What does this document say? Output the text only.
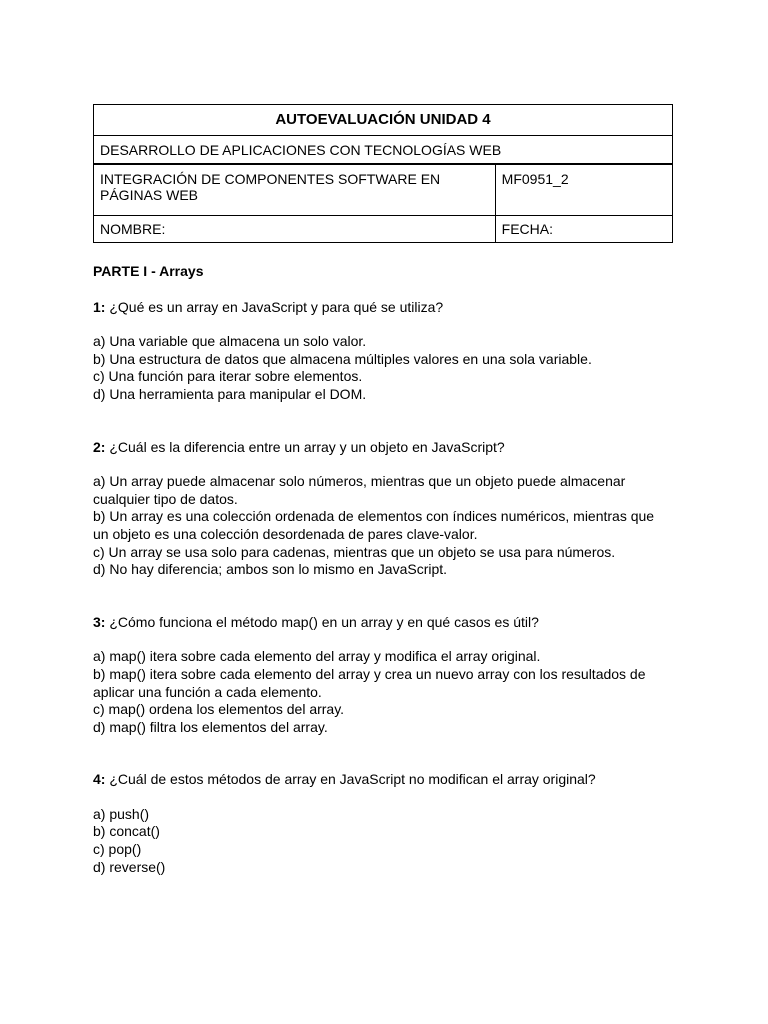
AUTOEVALUACIÓN UNIDAD 4	
DESARROLLO DE APLICACIONES CON TECNOLOGÍAS WEB	
INTEGRACIÓN DE COMPONENTES SOFTWARE EN PÁGINAS WEB	MF0951_2
NOMBRE:	FECHA:
PARTE I - Arrays
1: ¿Qué es un array en JavaScript y para qué se utiliza?
a) Una variable que almacena un solo valor.
b) Una estructura de datos que almacena múltiples valores en una sola variable.
c) Una función para iterar sobre elementos.
d) Una herramienta para manipular el DOM.
2: ¿Cuál es la diferencia entre un array y un objeto en JavaScript?
a) Un array puede almacenar solo números, mientras que un objeto puede almacenar cualquier tipo de datos.
b) Un array es una colección ordenada de elementos con índices numéricos, mientras que un objeto es una colección desordenada de pares clave-valor.
c) Un array se usa solo para cadenas, mientras que un objeto se usa para números.
d) No hay diferencia; ambos son lo mismo en JavaScript.
3: ¿Cómo funciona el método map() en un array y en qué casos es útil?
a) map() itera sobre cada elemento del array y modifica el array original.
b) map() itera sobre cada elemento del array y crea un nuevo array con los resultados de aplicar una función a cada elemento.
c) map() ordena los elementos del array.
d) map() filtra los elementos del array.
4: ¿Cuál de estos métodos de array en JavaScript no modifican el array original?
a) push()
b) concat()
c) pop()
d) reverse()
